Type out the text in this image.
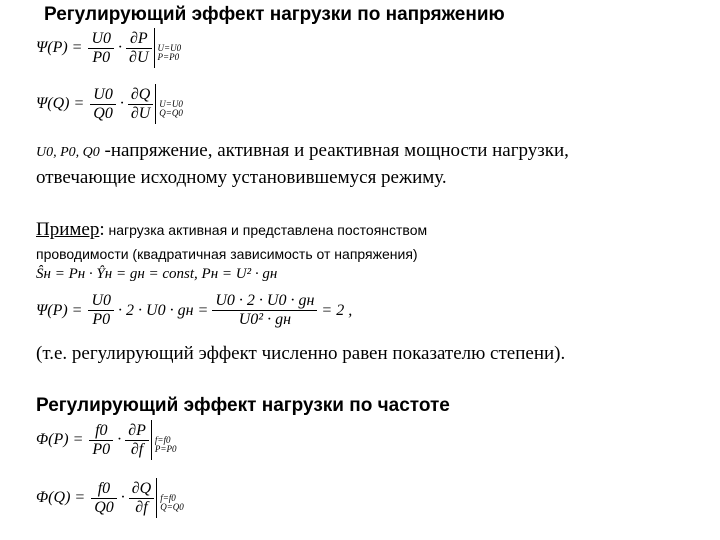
Регулирующий эффект нагрузки по напряжению
$\Psi(P) = \frac{U0}{P0} \cdot \frac{\partial P}{\partial U} U=U0$
P=P0
$\Psi(Q) = \frac{U0}{Q0} \cdot \frac{\partial Q}{\partial U} U=U0$
Q=Q0
U0, P0, Q0 -напряжение, активная и реактивная мощности нагрузки,
отвечающие исходному установившемуся режиму.
Пример: нагрузка активная и представлена постоянством
проводимости (квадратичная зависимость от напряжения)
Ŝн = Pн · Ŷн = gн = const, Pн = U² · gн
$\Psi(P) = \frac{U0}{P0} \cdot 2 \cdot U0$ · gн = $\frac{U0 \cdot 2 \cdot U0 \cdot gн}{\text{U0² · gн}} = 2$ ,
(т.е. регулирующий эффект численно равен показателю степени).
Регулирующий эффект нагрузки по частоте
$\Phi(P) = \frac{f0}{P0} \cdot \frac{\partial P}{\partial f} f=f0$
P=P0
$\Phi(Q) = \frac{f0}{Q0} \cdot \frac{\partial Q}{\partial f} f=f0$
Q=Q0
